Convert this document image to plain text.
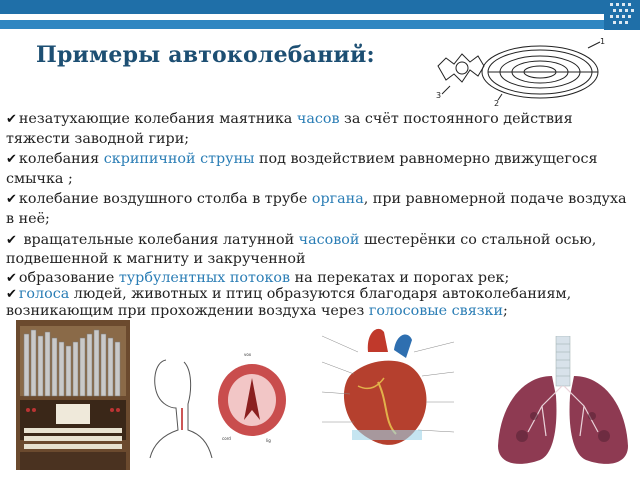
Примеры автоколебаний:
1
2
3

✔ незатухающие колебания маятника часов за счёт постоянного действия тяжести заводной гири;

✔ колебания скрипичной струны под воздействием равномерно движущегося смычка ;

✔ колебание воздушного столба в трубе органа, при равномерной подаче воздуха в неё;

✔ вращательные колебания латунной часовой шестерёнки со стальной осью, подвешенной к магниту и закрученной

✔ образование турбулентных потоков на перекатах и порогах рек;

✔ голоса людей, животных и птиц образуются благодаря автоколебаниям, возникающим при прохождении воздуха через голосовые связки;

vox
cord	lig
